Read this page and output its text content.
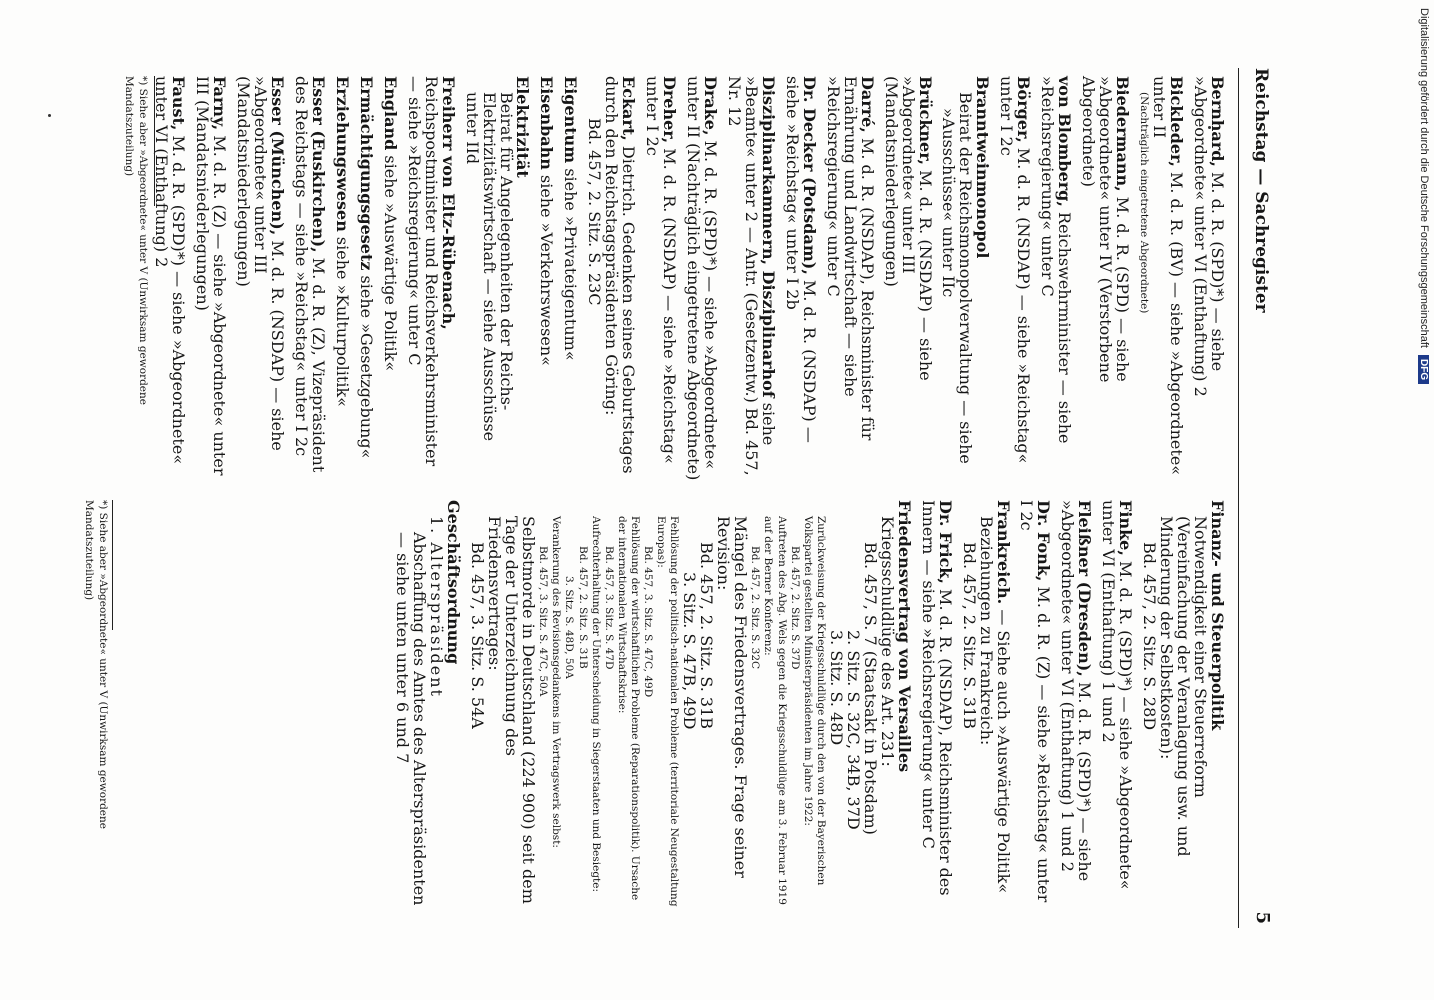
Reichstag — Sachregister
5
Bernhard, M. d. R. (SPD)*) — siehe »Abgeordnete« unter VI (Enthaftung) 2
Bickleder, M. d. R. (BV) — siehe »Abgeordnete« unter II
(Nachträglich eingetretene Abgeordnete)
Biedermann, M. d. R. (SPD) — siehe »Abgeordnete« unter IV (Verstorbene Abgeordnete)
von Blomberg, Reichswehrminister — siehe »Reichsregierung« unter C
Börger, M. d. R. (NSDAP) — siehe »Reichstag« unter I 2c
Branntweinmonopol
Beirat der Reichsmonopolverwaltung — siehe
»Ausschüsse« unter IIc
Brückner, M. d. R. (NSDAP) — siehe »Abgeordnete« unter III (Mandatsniederlegungen)
Darré, M. d. R. (NSDAP), Reichsminister für Ernährung und Landwirtschaft — siehe »Reichsregierung« unter C
Dr. Decker (Potsdam), M. d. R. (NSDAP) — siehe »Reichstag« unter I 2b
Disziplinarkammern, Disziplinarhof siehe »Beamte« unter 2 — Antr. (Gesetzentw.) Bd. 457, Nr. 12
Drake, M. d. R. (SPD)*) — siehe »Abgeordnete« unter II (Nachträglich eingetretene Abgeordnete)
Dreher, M. d. R. (NSDAP) — siehe »Reichstag« unter I 2c
Eckart, Dietrich. Gedenken seines Geburtstages durch den Reichstagspräsidenten Göring:
Bd. 457, 2. Sitz. S. 23C
Eigentum siehe »Privateigentum«
Eisenbahn siehe »Verkehrswesen«
Elektrizität
Beirat für Angelegenheiten der Reichs-Elektrizitätswirtschaft — siehe Ausschüsse unter IId
Freiherr von Eltz-Rübenach, Reichspostminister und Reichsverkehrsminister — siehe »Reichsregierung« unter C
England siehe »Auswärtige Politik«
Ermächtigungsgesetz siehe »Gesetzgebung«
Erziehungswesen siehe »Kulturpolitik«
Esser (Euskirchen), M. d. R. (Z), Vizepräsident des Reichstags — siehe »Reichstag« unter I 2c
Esser (München), M. d. R. (NSDAP) — siehe »Abgeordnete« unter III (Mandatsniederlegungen)
Farny, M. d. R. (Z) — siehe »Abgeordnete« unter III (Mandatsniederlegungen)
Faust, M. d. R. (SPD)*) — siehe »Abgeordnete« unter VI (Enthaftung) 2
*) Siehe aber »Abgeordnete« unter V (Unwirksam gewordene Mandatszuteilung)
Finanz- und Steuerpolitik
Notwendigkeit einer Steuerreform (Vereinfachung der Veranlagung usw. und Minderung der Selbstkosten):
Bd. 457, 2. Sitz. S. 28D
Finke, M. d. R. (SPD)*) — siehe »Abgeordnete« unter VI (Enthaftung) 1 und 2
Fleißner (Dresden), M. d. R. (SPD)*) — siehe »Abgeordnete« unter VI (Enthaftung) 1 und 2
Dr. Fonk, M. d. R. (Z) — siehe »Reichstag« unter I 2c
Frankreich. — Siehe auch »Auswärtige Politik«
Beziehungen zu Frankreich:
Bd. 457, 2. Sitz. S. 31B
Dr. Frick, M. d. R. (NSDAP), Reichsminister des Innern — siehe »Reichsregierung« unter C
Friedensvertrag von Versailles
Kriegsschuldlüge des Art. 231:
Bd. 457, S. 7 (Staatsakt in Potsdam)
2. Sitz. S. 32C, 34B, 37D
3. Sitz. S. 48D
Zurückweisung der Kriegsschuldlüge durch den von der Bayerischen Volkspartei gestellten Ministerpräsidenten im Jahre 1922:
Bd. 457, 2. Sitz. S. 37D
Auftreten des Abg. Wels gegen die Kriegsschuldlüge am 3. Februar 1919 auf der Berner Konferenz:
Bd. 457, 2. Sitz. S. 32C
Mängel des Friedensvertrages. Frage seiner Revision:
Bd. 457, 2. Sitz. S. 31B
3. Sitz. S. 47B, 49D
Fehllösung der politisch-nationalen Probleme (territoriale Neugestaltung Europas):
Bd. 457, 3. Sitz. S. 47C, 49D
Fehllösung der wirtschaftlichen Probleme (Reparationspolitik). Ursache der internationalen Wirtschaftskrise:
Bd. 457, 3. Sitz. S. 47D
Aufrechterhaltung der Unterscheidung in Siegerstaaten und Besiegte:
Bd. 457, 2. Sitz. S. 31B
3. Sitz. S. 48D, 50A
Verankerung des Revisionsgedankens im Vertragswerk selbst:
Bd. 457, 3. Sitz. S. 47C, 50A
Selbstmorde in Deutschland (224 900) seit dem Tage der Unterzeichnung des Friedensvertrages:
Bd. 457, 3. Sitz. S. 54A
Geschäftsordnung
1. Alterspräsident
Abschaffung des Amtes des Alterspräsidenten — siehe unten unter 6 und 7
*) Siehe aber »Abgeordnete« unter V (Unwirksam gewordene Mandatszuteilung)
Digitalisierung gefördert durch die Deutsche Forschungsgemeinschaft DFG
